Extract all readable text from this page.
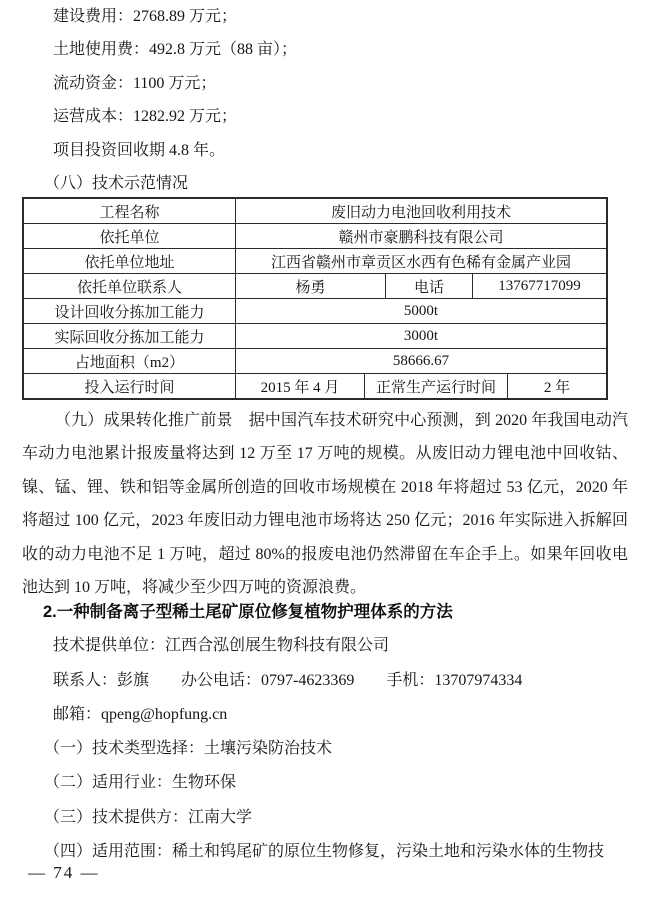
建设费用：2768.89 万元；
土地使用费：492.8 万元（88 亩）；
流动资金：1100 万元；
运营成本：1282.92 万元；
项目投资回收期 4.8 年。
（八）技术示范情况
工程名称	废旧动力电池回收利用技术
依托单位	赣州市豪鹏科技有限公司
依托单位地址	江西省赣州市章贡区水西有色稀有金属产业园
依托单位联系人	杨勇	电话	13767717099
设计回收分拣加工能力	5000t
实际回收分拣加工能力	3000t
占地面积（m2）	58666.67
投入运行时间	2015 年 4 月	正常生产运行时间	2 年

（九）成果转化推广前景　据中国汽车技术研究中心预测，到 2020 年我国电动汽车动力电池累计报废量将达到 12 万至 17 万吨的规模。从废旧动力锂电池中回收钴、镍、锰、锂、铁和铝等金属所创造的回收市场规模在 2018 年将超过 53 亿元，2020 年将超过 100 亿元，2023 年废旧动力锂电池市场将达 250 亿元；2016 年实际进入拆解回收的动力电池不足 1 万吨，超过 80%的报废电池仍然滞留在车企手上。如果年回收电池达到 10 万吨，将减少至少四万吨的资源浪费。

2.一种制备离子型稀土尾矿原位修复植物护理体系的方法
技术提供单位：江西合泓创展生物科技有限公司
联系人：彭旗　　办公电话：0797-4623369　　手机：13707974334
邮箱：qpeng@hopfung.cn
（一）技术类型选择：土壤污染防治技术
（二）适用行业：生物环保
（三）技术提供方：江南大学
（四）适用范围：稀土和钨尾矿的原位生物修复，污染土地和污染水体的生物技
— 74 —
